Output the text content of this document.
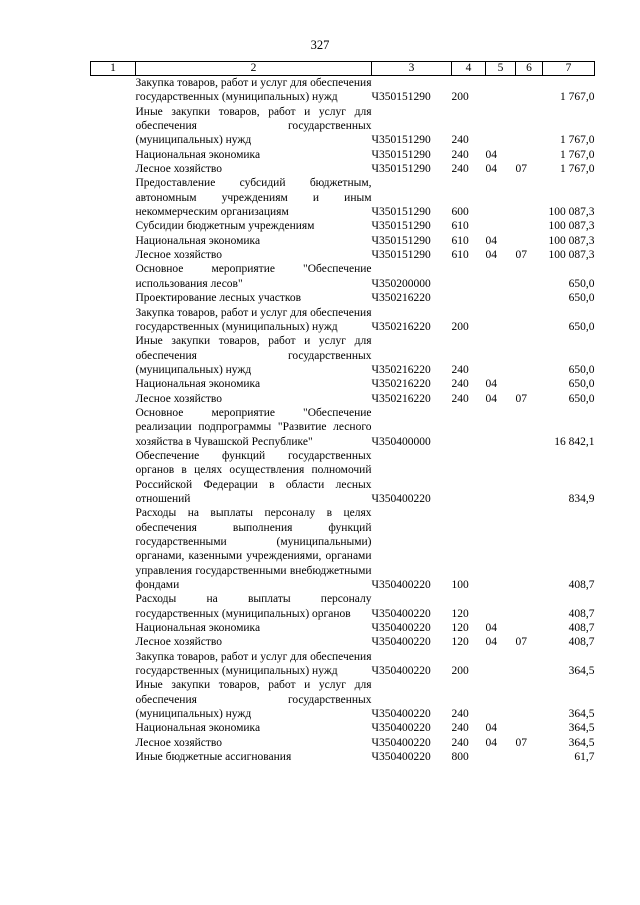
327
1	2	3	4	5	6	7
	Закупка товаров, работ и услуг для обеспечения государственных (муниципальных) нужд	Ч350151290	200			1 767,0
	Иные закупки товаров, работ и услуг для обеспечения государственных (муниципальных) нужд	Ч350151290	240			1 767,0
	Национальная экономика	Ч350151290	240	04		1 767,0
	Лесное хозяйство	Ч350151290	240	04	07	1 767,0
	Предоставление субсидий бюджетным, автономным учреждениям и иным некоммерческим организациям	Ч350151290	600			100 087,3
	Субсидии бюджетным учреждениям	Ч350151290	610			100 087,3
	Национальная экономика	Ч350151290	610	04		100 087,3
	Лесное хозяйство	Ч350151290	610	04	07	100 087,3
	Основное мероприятие "Обеспечение использования лесов"	Ч350200000				650,0
	Проектирование лесных участков	Ч350216220				650,0
	Закупка товаров, работ и услуг для обеспечения государственных (муниципальных) нужд	Ч350216220	200			650,0
	Иные закупки товаров, работ и услуг для обеспечения государственных (муниципальных) нужд	Ч350216220	240			650,0
	Национальная экономика	Ч350216220	240	04		650,0
	Лесное хозяйство	Ч350216220	240	04	07	650,0
	Основное мероприятие "Обеспечение реализации подпрограммы "Развитие лесного хозяйства в Чувашской Республике"	Ч350400000				16 842,1
	Обеспечение функций государственных органов в целях осуществления полномочий Российской Федерации в области лесных отношений	Ч350400220				834,9
	Расходы на выплаты персоналу в целях обеспечения выполнения функций государственными (муниципальными) органами, казенными учреждениями, органами управления государственными внебюджетными фондами	Ч350400220	100			408,7
	Расходы на выплаты персоналу государственных (муниципальных) органов	Ч350400220	120			408,7
	Национальная экономика	Ч350400220	120	04		408,7
	Лесное хозяйство	Ч350400220	120	04	07	408,7
	Закупка товаров, работ и услуг для обеспечения государственных (муниципальных) нужд	Ч350400220	200			364,5
	Иные закупки товаров, работ и услуг для обеспечения государственных (муниципальных) нужд	Ч350400220	240			364,5
	Национальная экономика	Ч350400220	240	04		364,5
	Лесное хозяйство	Ч350400220	240	04	07	364,5
	Иные бюджетные ассигнования	Ч350400220	800			61,7
